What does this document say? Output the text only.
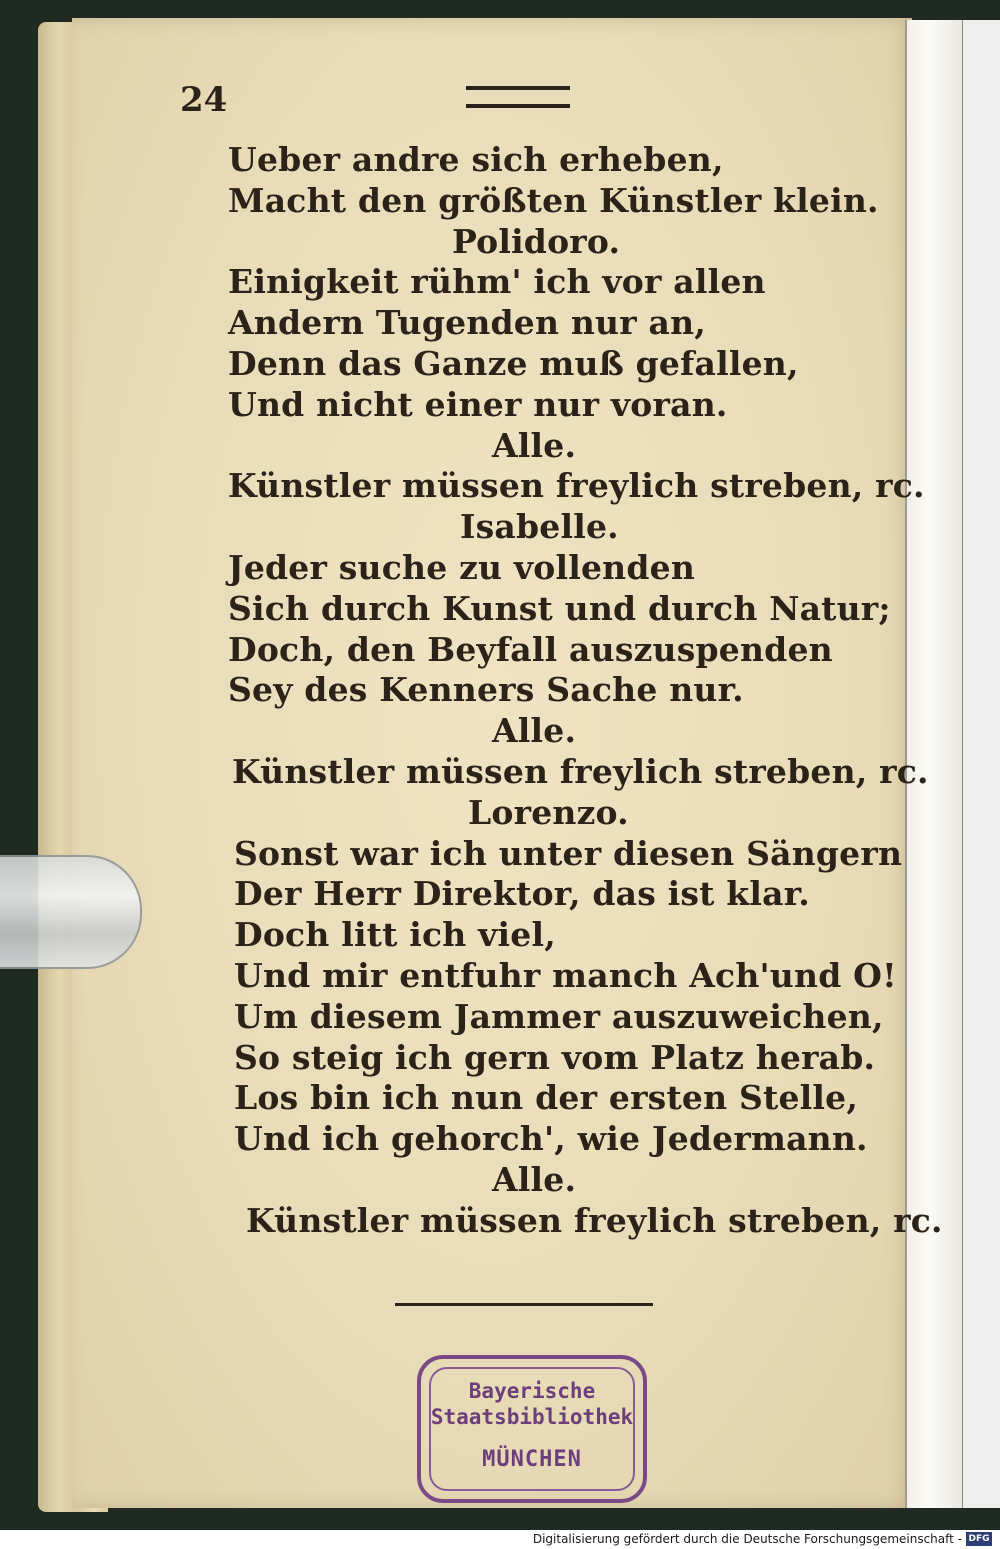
24
Ueber andre sich erheben,
Macht den größten Künstler klein.
Polidoro.
Einigkeit rühm' ich vor allen
Andern Tugenden nur an,
Denn das Ganze muß gefallen,
Und nicht einer nur voran.
Alle.
Künstler müssen freylich streben, rc.
Isabelle.
Jeder suche zu vollenden
Sich durch Kunst und durch Natur;
Doch, den Beyfall auszuspenden
Sey des Kenners Sache nur.
Alle.
Künstler müssen freylich streben, rc.
Lorenzo.
Sonst war ich unter diesen Sängern
Der Herr Direktor, das ist klar.
Doch litt ich viel,
Und mir entfuhr manch Ach'und O!
Um diesem Jammer auszuweichen,
So steig ich gern vom Platz herab.
Los bin ich nun der ersten Stelle,
Und ich gehorch', wie Jedermann.
Alle.
Künstler müssen freylich streben, rc.
Bayerische
Staatsbibliothek
MÜNCHEN
Digitalisierung gefördert durch die Deutsche Forschungsgemeinschaft - DFG
